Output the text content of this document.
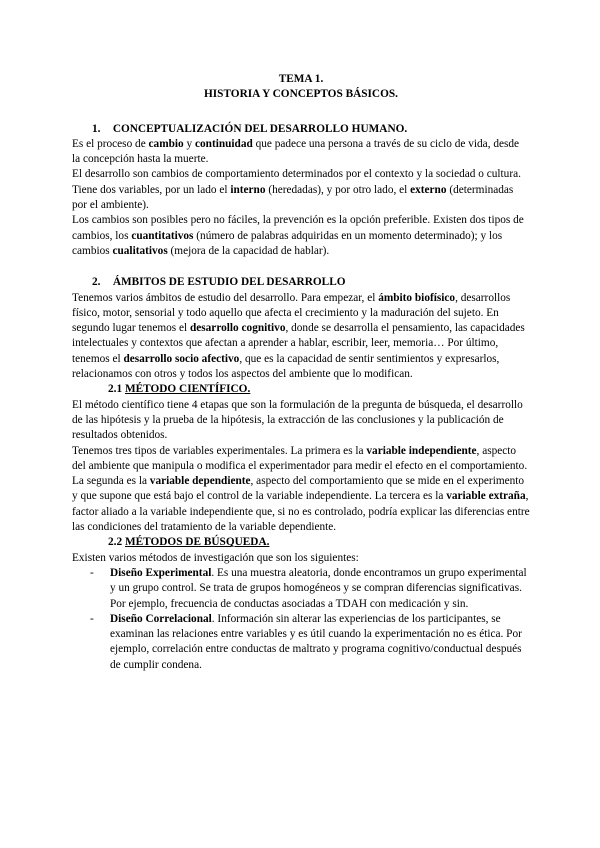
TEMA 1.
HISTORIA Y CONCEPTOS BÁSICOS.
1. CONCEPTUALIZACIÓN DEL DESARROLLO HUMANO.

Es el proceso de cambio y continuidad que padece una persona a través de su ciclo de vida, desde la concepción hasta la muerte.

El desarrollo son cambios de comportamiento determinados por el contexto y la sociedad o cultura. Tiene dos variables, por un lado el interno (heredadas), y por otro lado, el externo (determinadas por el ambiente).

Los cambios son posibles pero no fáciles, la prevención es la opción preferible. Existen dos tipos de cambios, los cuantitativos (número de palabras adquiridas en un momento determinado); y los cambios cualitativos (mejora de la capacidad de hablar).

2. ÁMBITOS DE ESTUDIO DEL DESARROLLO

Tenemos varios ámbitos de estudio del desarrollo. Para empezar, el ámbito biofísico, desarrollos físico, motor, sensorial y todo aquello que afecta el crecimiento y la maduración del sujeto. En segundo lugar tenemos el desarrollo cognitivo, donde se desarrolla el pensamiento, las capacidades intelectuales y contextos que afectan a aprender a hablar, escribir, leer, memoria… Por último, tenemos el desarrollo socio afectivo, que es la capacidad de sentir sentimientos y expresarlos, relacionamos con otros y todos los aspectos del ambiente que lo modifican.

2.1 MÉTODO CIENTÍFICO.

El método científico tiene 4 etapas que son la formulación de la pregunta de búsqueda, el desarrollo de las hipótesis y la prueba de la hipótesis, la extracción de las conclusiones y la publicación de resultados obtenidos.

Tenemos tres tipos de variables experimentales. La primera es la variable independiente, aspecto del ambiente que manipula o modifica el experimentador para medir el efecto en el comportamiento. La segunda es la variable dependiente, aspecto del comportamiento que se mide en el experimento y que supone que está bajo el control de la variable independiente. La tercera es la variable extraña, factor aliado a la variable independiente que, si no es controlado, podría explicar las diferencias entre las condiciones del tratamiento de la variable dependiente.

2.2 MÉTODOS DE BÚSQUEDA.

Existen varios métodos de investigación que son los siguientes:

- Diseño Experimental. Es una muestra aleatoria, donde encontramos un grupo experimental y un grupo control. Se trata de grupos homogéneos y se compran diferencias significativas. Por ejemplo, frecuencia de conductas asociadas a TDAH con medicación y sin.
- Diseño Correlacional. Información sin alterar las experiencias de los participantes, se examinan las relaciones entre variables y es útil cuando la experimentación no es ética. Por ejemplo, correlación entre conductas de maltrato y programa cognitivo/conductual después de cumplir condena.
